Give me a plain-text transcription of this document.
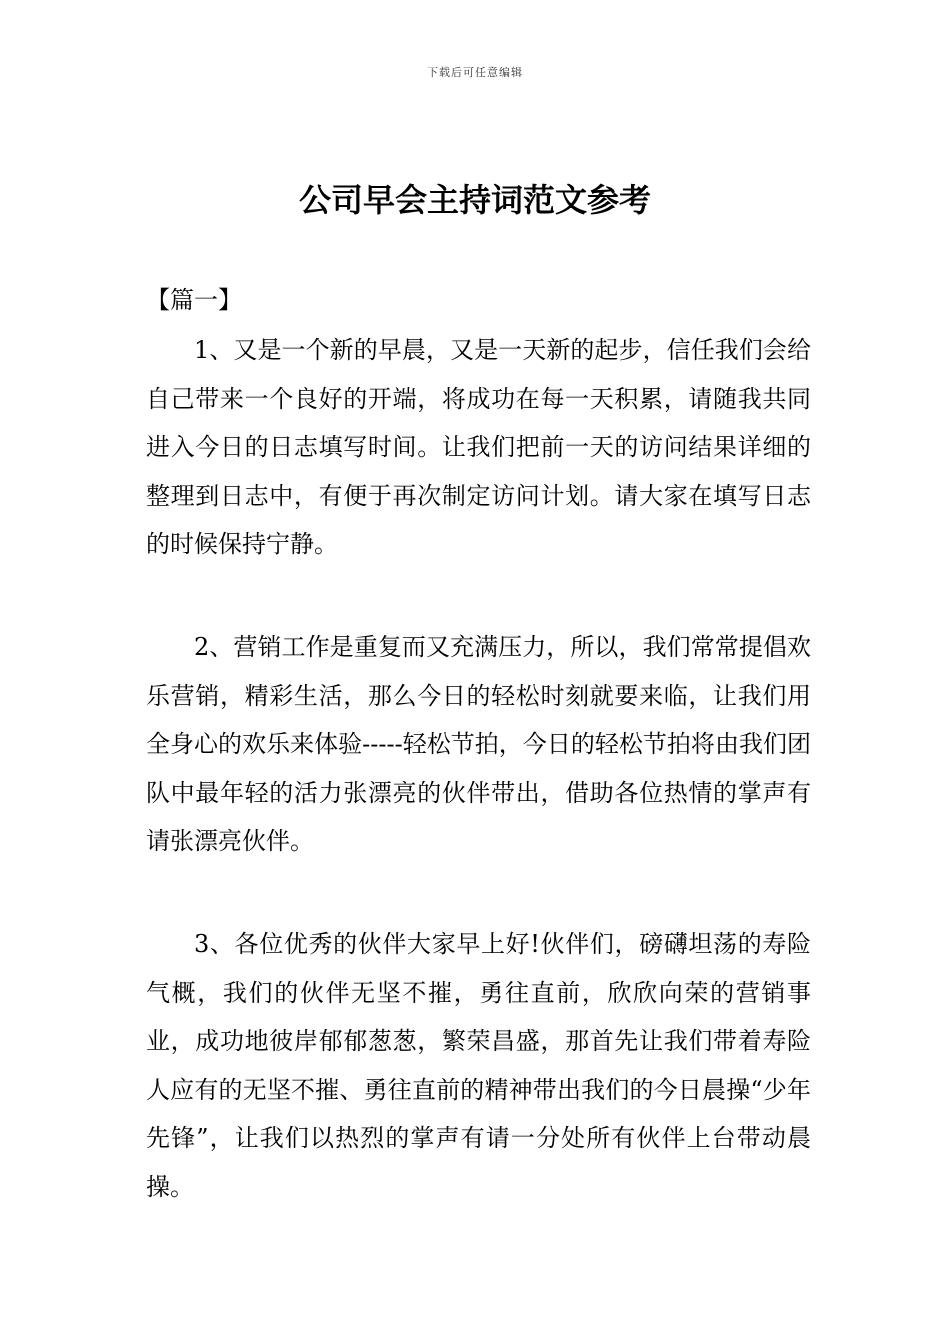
下载后可任意编辑
公司早会主持词范文参考
【篇一】

1、又是一个新的早晨，又是一天新的起步，信任我们会给自己带来一个良好的开端，将成功在每一天积累，请随我共同进入今日的日志填写时间。让我们把前一天的访问结果详细的整理到日志中，有便于再次制定访问计划。请大家在填写日志的时候保持宁静。

2、营销工作是重复而又充满压力，所以，我们常常提倡欢乐营销，精彩生活，那么今日的轻松时刻就要来临，让我们用全身心的欢乐来体验-----轻松节拍，今日的轻松节拍将由我们团队中最年轻的活力张漂亮的伙伴带出，借助各位热情的掌声有请张漂亮伙伴。

3、各位优秀的伙伴大家早上好!伙伴们，磅礴坦荡的寿险气概，我们的伙伴无坚不摧，勇往直前，欣欣向荣的营销事业，成功地彼岸郁郁葱葱，繁荣昌盛，那首先让我们带着寿险人应有的无坚不摧、勇往直前的精神带出我们的今日晨操“少年先锋”，让我们以热烈的掌声有请一分处所有伙伴上台带动晨操。
